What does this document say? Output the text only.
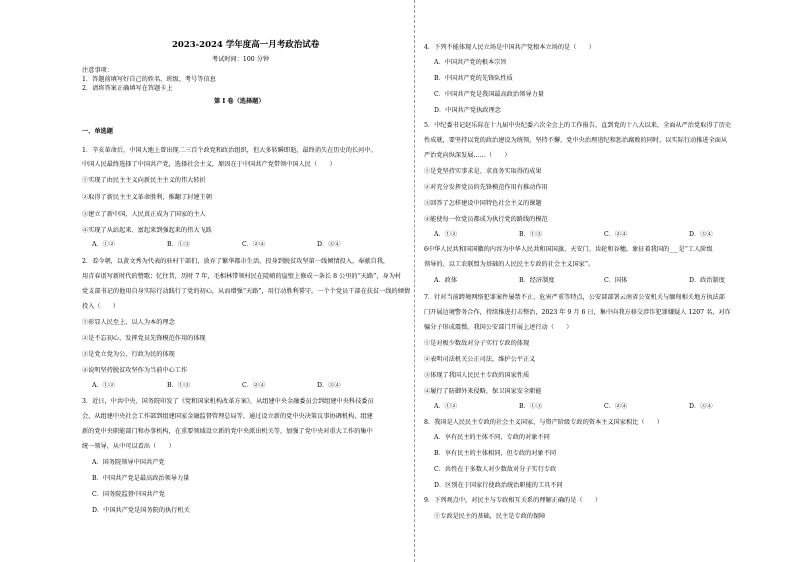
2023-2024 学年度高一月考政治试卷
考试时间：100 分钟
注意事项：
1．答题前填写好自己的姓名、班级、考号等信息
2．请将答案正确填写在答题卡上
第 I 卷（选择题）
一、单选题
1．辛亥革命后，中国大地上曾出现二三百个政党和政治组织，但大多转瞬即逝，最终消失在历史的长河中。
中国人民最终选择了中国共产党，选择社会主义，原因在于中国共产党带领中国人民（　　）
①实现了由民主主义向新民主主义的伟大转折
②取得了新民主主义革命胜利，推翻了封建王朝
③建立了新中国，人民真正成为了国家的主人
④实现了从站起来、富起来到强起来的伟大飞跃
A．①②	B．①③	C．②④	D．③④
2．看今朝，以黄文秀为代表的驻村干部们，放弃了繁华都市生活，投身到脱贫攻坚第一线倾情投入，奉献自我，
用青春谱写新时代的赞歌；忆往昔，历时 7 年，毛相林带领村民在陡峭的崖壁上修成一条长 8 公里的“天路”，身为村
党支部书记的他用自身实际行动践行了党的初心，从而增强“天路”，用行动胜利誓守。一个个党员干部在扶贫一线的倾情
投入（　　）
①彰显人民至上，以人为本的理念
②是不忘初心，发挥党员先锋模范作用的体现
③是党立党为公，行政为民的体现
④说明坚持脱贫攻坚作为当前中心工作
A．①②	B．①③	C．②④	D．③④
3．近日，中共中央、国务院印发了《党和国家机构改革方案》，从组建中央金融委员会到组建中央科技委员
会，从组建中央社会工作部到组建国家金融监督管理总局等，通过设立新的党中央决策议事协调机构，组建
新的党中央职能部门和办事机构，在重要领域设立新的党中央派出机关等，加强了党中央对重大工作的集中
统一领导，从中可以看出（　　）
A．国务院领导中国共产党
B．中国共产党是最高政治领导力量
C．国务院监督中国共产党
D．中国共产党是国务院的执行机关
4．下列不能体现人民立场是中国共产党根本立场的是（　　）
A．中国共产党的根本宗旨
B．中国共产党的先锋队性质
C．中国共产党是我国最高政治领导力量
D．中国共产党执政理念
5．中纪委书记赵乐际在十九届中央纪委六次全会上的工作报告，直到党的十八大以来，全面从严治党取得了历史
性成就，要坚持以党的政治建设为统领，坚持不懈，党中央治理违纪和惩治腐败的同时，以实际行动推进全面从
严治党向纵深发展……（　　）
①是党坚持实事求是、求真务实取得的成果
②对充分发挥党员的先锋模范作用有推动作用
③回答了怎样建设中国特色社会主义的课题
④能使每一位党员都成为执行党的路线的模范
A．①②	B．①③	C．②④	D．③④
6中华人民共和国国徽的内容为中华人民共和国国旗、天安门、齿轮和谷穗。象征着我国的___是“工人阶级
领导的、以工农联盟为基础的人民民主专政的社会主义国家”。
A．政体	B．经济制度	C．国体	D．政治制度
7．针对当前跨境网络犯罪案件屡禁不止、危害严重等特点，公安部部署云南省公安机关与缅甸相关地方执法部
门开展边境警务合作，持续推进打击整治，2023 年 9 月 6 日，集中向我方移交涉诈犯罪嫌疑人 1207 名，对诈
骗分子形成震慑。我国公安部门开展上述行动（　　）
①是对极少数敌对分子实行专政的体现
②表明司法机关公正司法，维护公平正义
③体现了我国人民民主专政的国家性质
④履行了防御外来侵略，保卫国家安全职能
A．①②	B．①③	C．②④	D．③④
8．我国是人民民主专政的社会主义国家，与资产阶级专政的资本主义国家相比（　　）
A．享有民主的主体不同，专政的对象不同
B．享有民主的主体相同，但专政的对象不同
C．共性在于多数人对少数敌对分子实行专政
D．区别在于国家行使政治统治职能的工具不同
9．下列观点中，对民主与专政相互关系的理解正确的是（　　）
①专政是民主的基础，民主是专政的保障
